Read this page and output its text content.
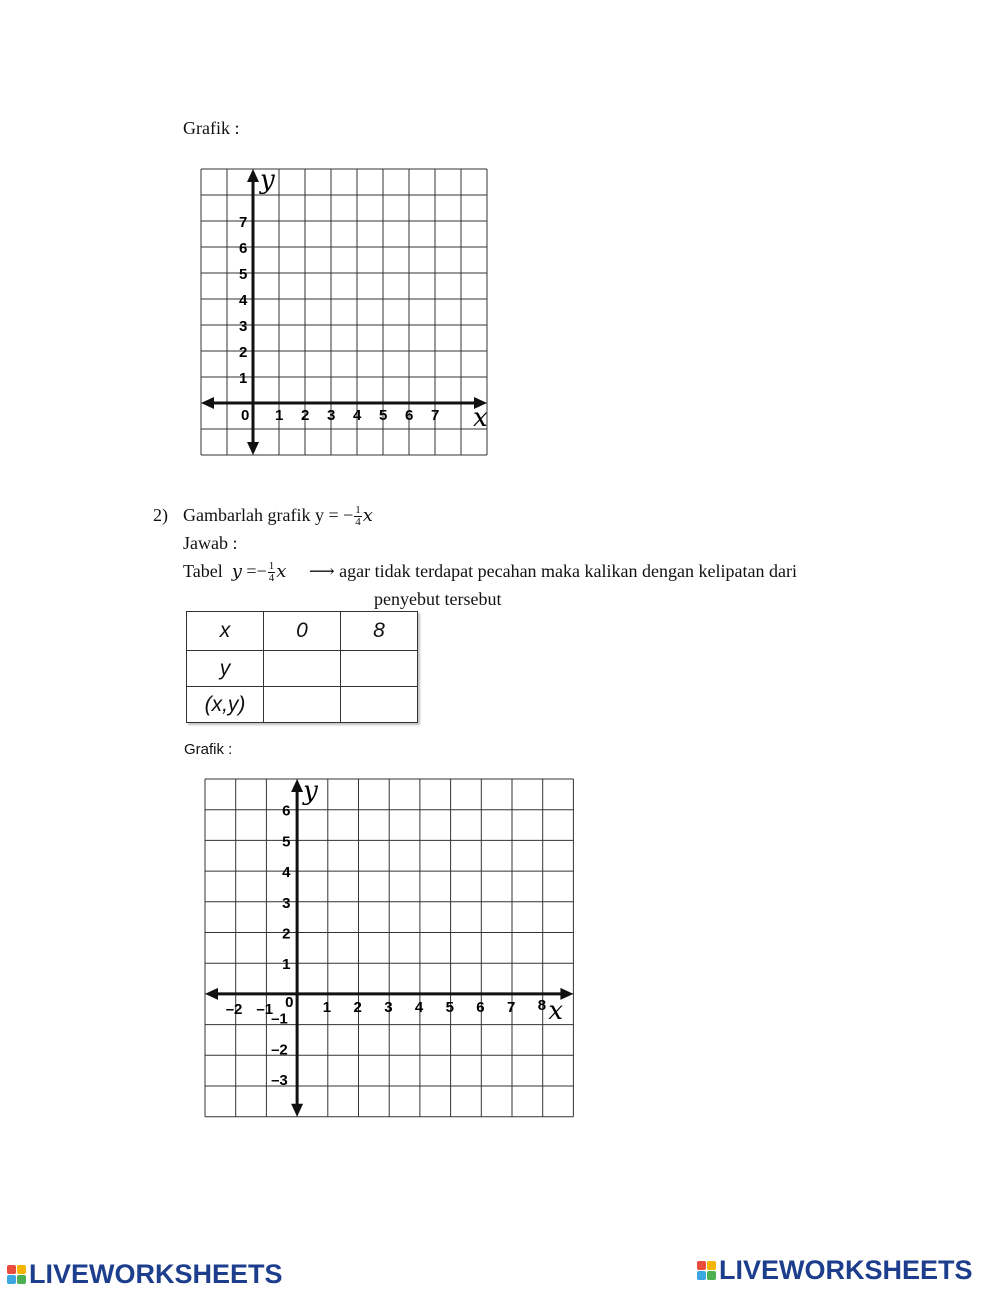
Grafik :
y
x
0 1 2 3 4 5 6 7
1
2
3
4
5
6
7
2) Gambarlah grafik y = − $\frac{1}{4}$ x
Jawab :
Tabel $y =- \frac{1}{4}$ x ⟶ agar tidak terdapat pecahan maka kalikan dengan kelipatan dari
penyebut tersebut
x	0	8
y		
(x,y)		
Grafik :
y
x
0
–2 –1	1 2 3 4 5 6 7 8
1
2
3
4
5
6
–1
–2
–3
LIVEWORKSHEETS	LIVEWORKSHEETS
